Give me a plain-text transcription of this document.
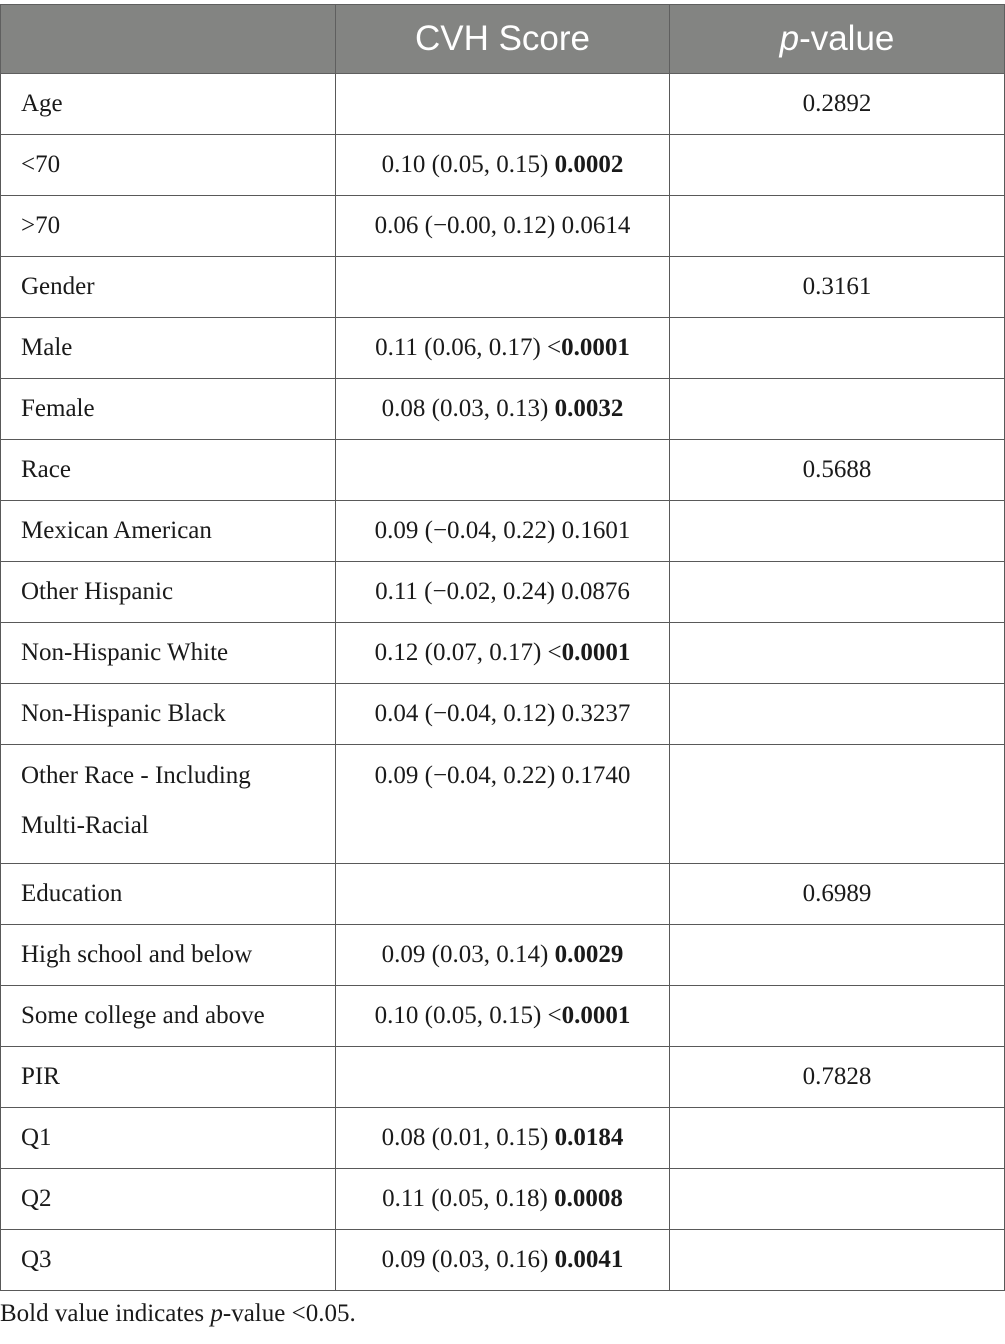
	CVH Score	p-value
Age		0.2892
<70	0.10 (0.05, 0.15) 0.0002	
>70	0.06 (−0.00, 0.12) 0.0614	
Gender		0.3161
Male	0.11 (0.06, 0.17) <0.0001	
Female	0.08 (0.03, 0.13) 0.0032	
Race		0.5688
Mexican American	0.09 (−0.04, 0.22) 0.1601	
Other Hispanic	0.11 (−0.02, 0.24) 0.0876	
Non-Hispanic White	0.12 (0.07, 0.17) <0.0001	
Non-Hispanic Black	0.04 (−0.04, 0.12) 0.3237	
Other Race - Including Multi-Racial	0.09 (−0.04, 0.22) 0.1740	
Education		0.6989
High school and below	0.09 (0.03, 0.14) 0.0029	
Some college and above	0.10 (0.05, 0.15) <0.0001	
PIR		0.7828
Q1	0.08 (0.01, 0.15) 0.0184	
Q2	0.11 (0.05, 0.18) 0.0008	
Q3	0.09 (0.03, 0.16) 0.0041	
Bold value indicates p-value <0.05.
